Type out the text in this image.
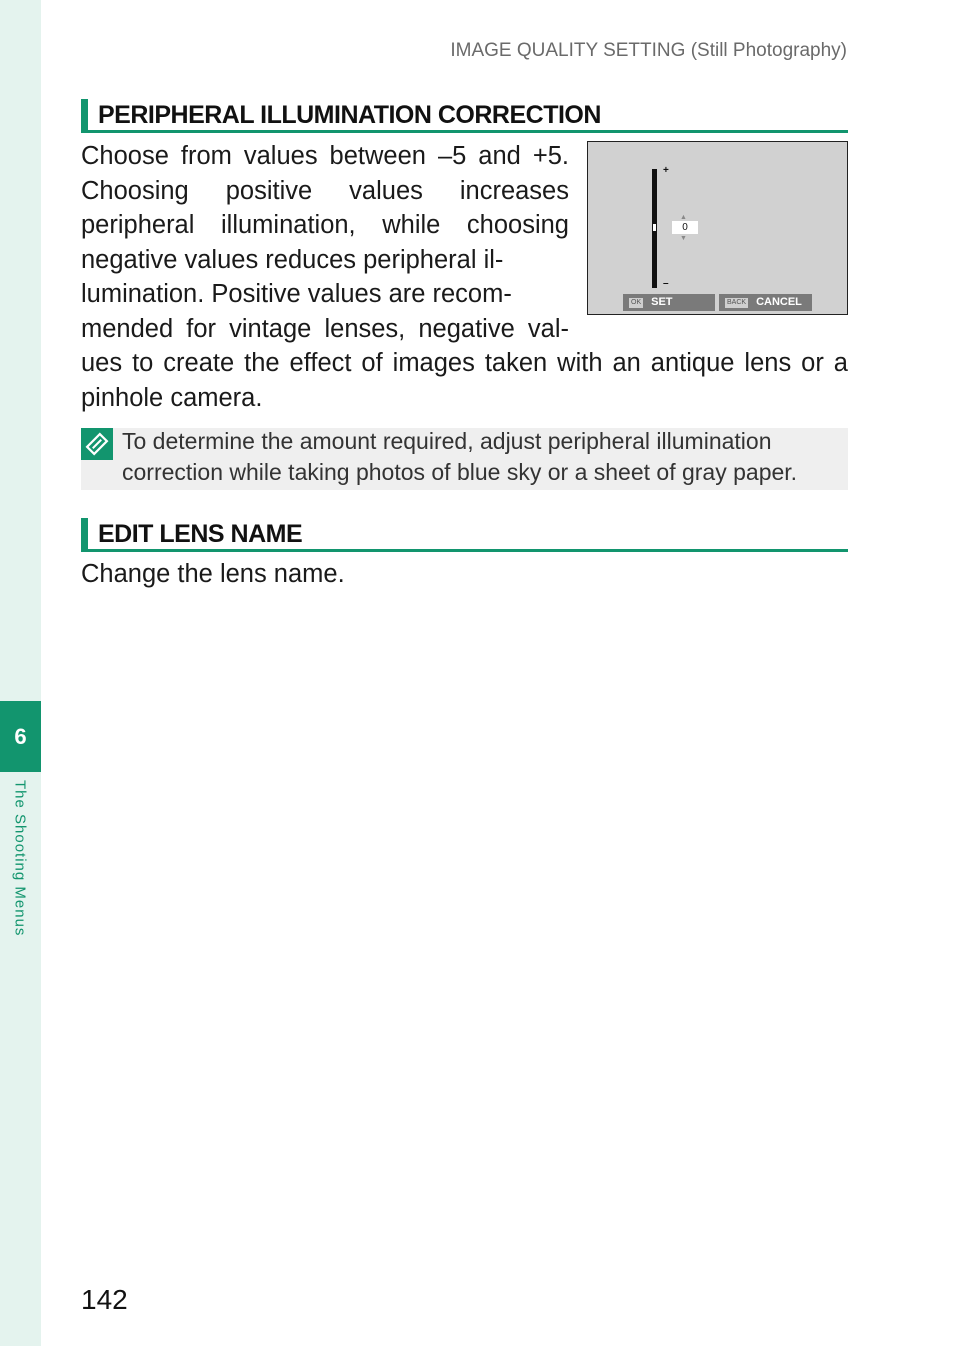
6
The Shooting Menus
IMAGE QUALITY SETTING (Still Photography)
PERIPHERAL ILLUMINATION CORRECTION
+
▲
0
▼
–
OK SET	BACK CANCEL
Choose from values between –5 and +5. Choosing positive values increases peripheral illumination, while choosing negative values reduces peripheral il-
lumination. Positive values are recom-
mended for vintage lenses, negative val-ues to create the effect of images taken with an antique lens or a pinhole camera.
To determine the amount required, adjust peripheral illumination correction while taking photos of blue sky or a sheet of gray paper.
EDIT LENS NAME
Change the lens name.
142
